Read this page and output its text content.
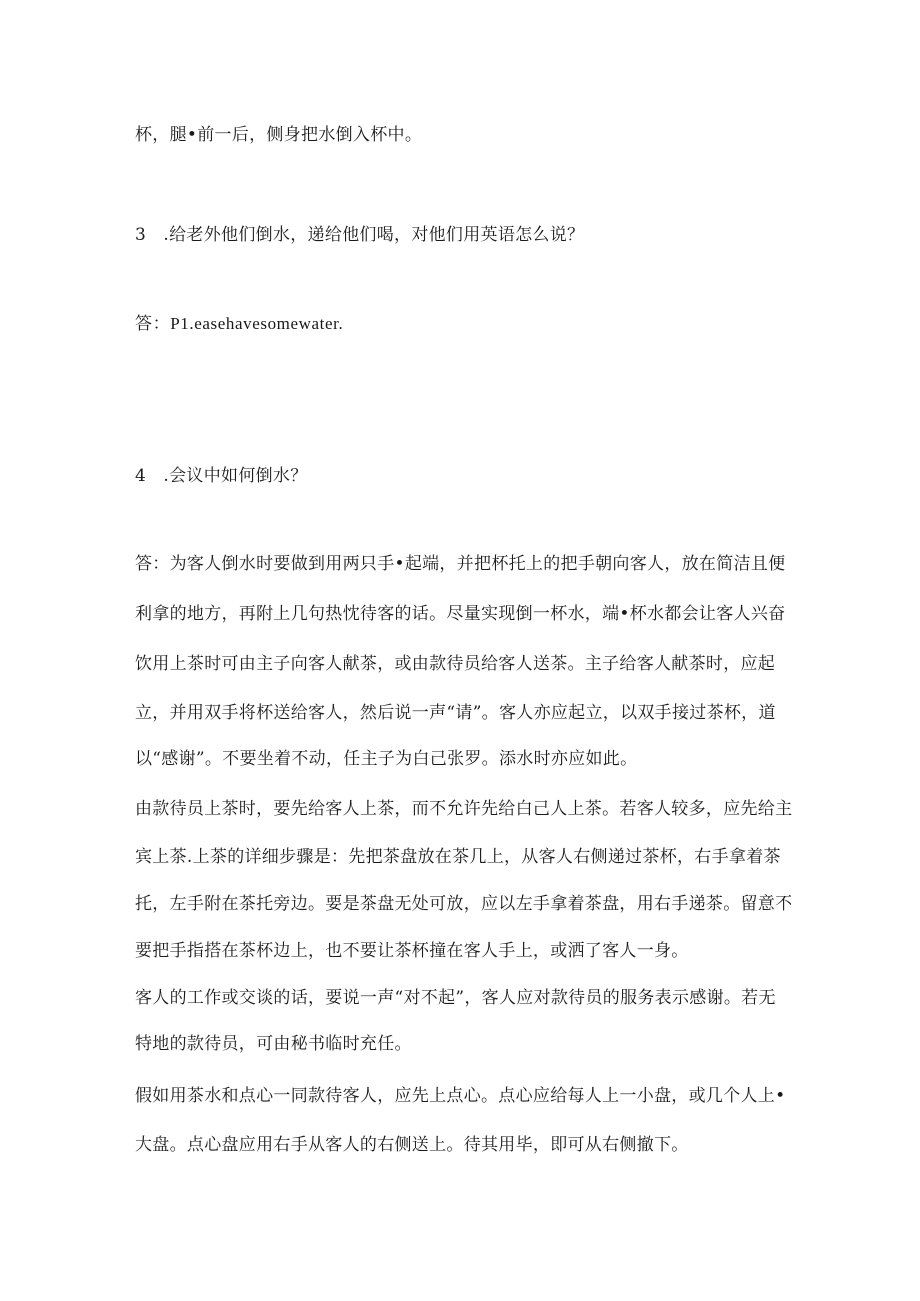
杯，腿•前一后，侧身把水倒入杯中。
3　.给老外他们倒水，递给他们喝，对他们用英语怎么说？
答：P1.easehavesomewater.
4　.会议中如何倒水？
答：为客人倒水时要做到用两只手•起端，并把杯托上的把手朝向客人，放在简洁且便
利拿的地方，再附上几句热忱待客的话。尽量实现倒一杯水，端•杯水都会让客人兴奋
饮用上茶时可由主子向客人献茶，或由款待员给客人送茶。主子给客人献茶时，应起
立，并用双手将杯送给客人，然后说一声“请”。客人亦应起立，以双手接过茶杯，道
以“感谢”。不要坐着不动，任主子为白己张罗。添水时亦应如此。
由款待员上茶时，要先给客人上茶，而不允许先给白己人上茶。若客人较多，应先给主
宾上茶.上茶的详细步骤是：先把茶盘放在茶几上，从客人右侧递过茶杯，右手拿着茶
托，左手附在茶托旁边。要是茶盘无处可放，应以左手拿着茶盘，用右手递茶。留意不
要把手指搭在茶杯边上，也不要让茶杯撞在客人手上，或洒了客人一身。
客人的工作或交谈的话，要说一声“对不起”，客人应对款待员的服务表示感谢。若无
特地的款待员，可由秘书临时充任。
假如用茶水和点心一同款待客人，应先上点心。点心应给每人上一小盘，或几个人上•
大盘。点心盘应用右手从客人的右侧送上。待其用毕，即可从右侧撤下。
